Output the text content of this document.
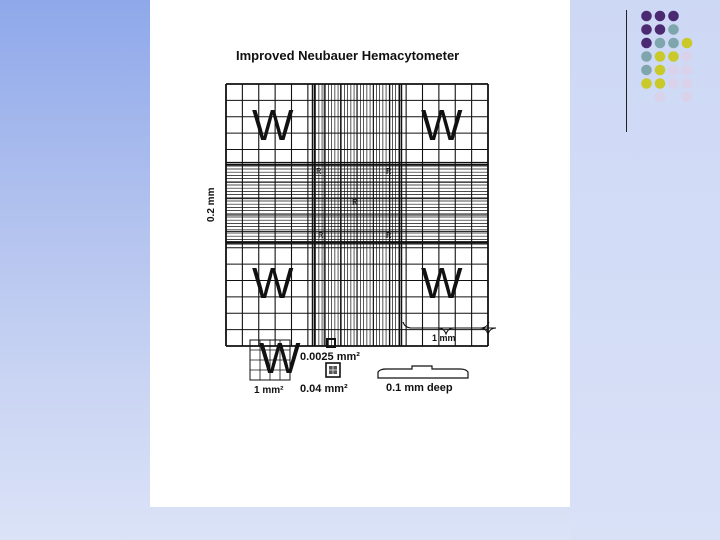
Improved Neubauer Hemacytometer
W	W
W	W
R	R
R
R	R
0.2 mm
1 mm
W
1 mm²
0.0025 mm²
0.04 mm²	0.1 mm deep
